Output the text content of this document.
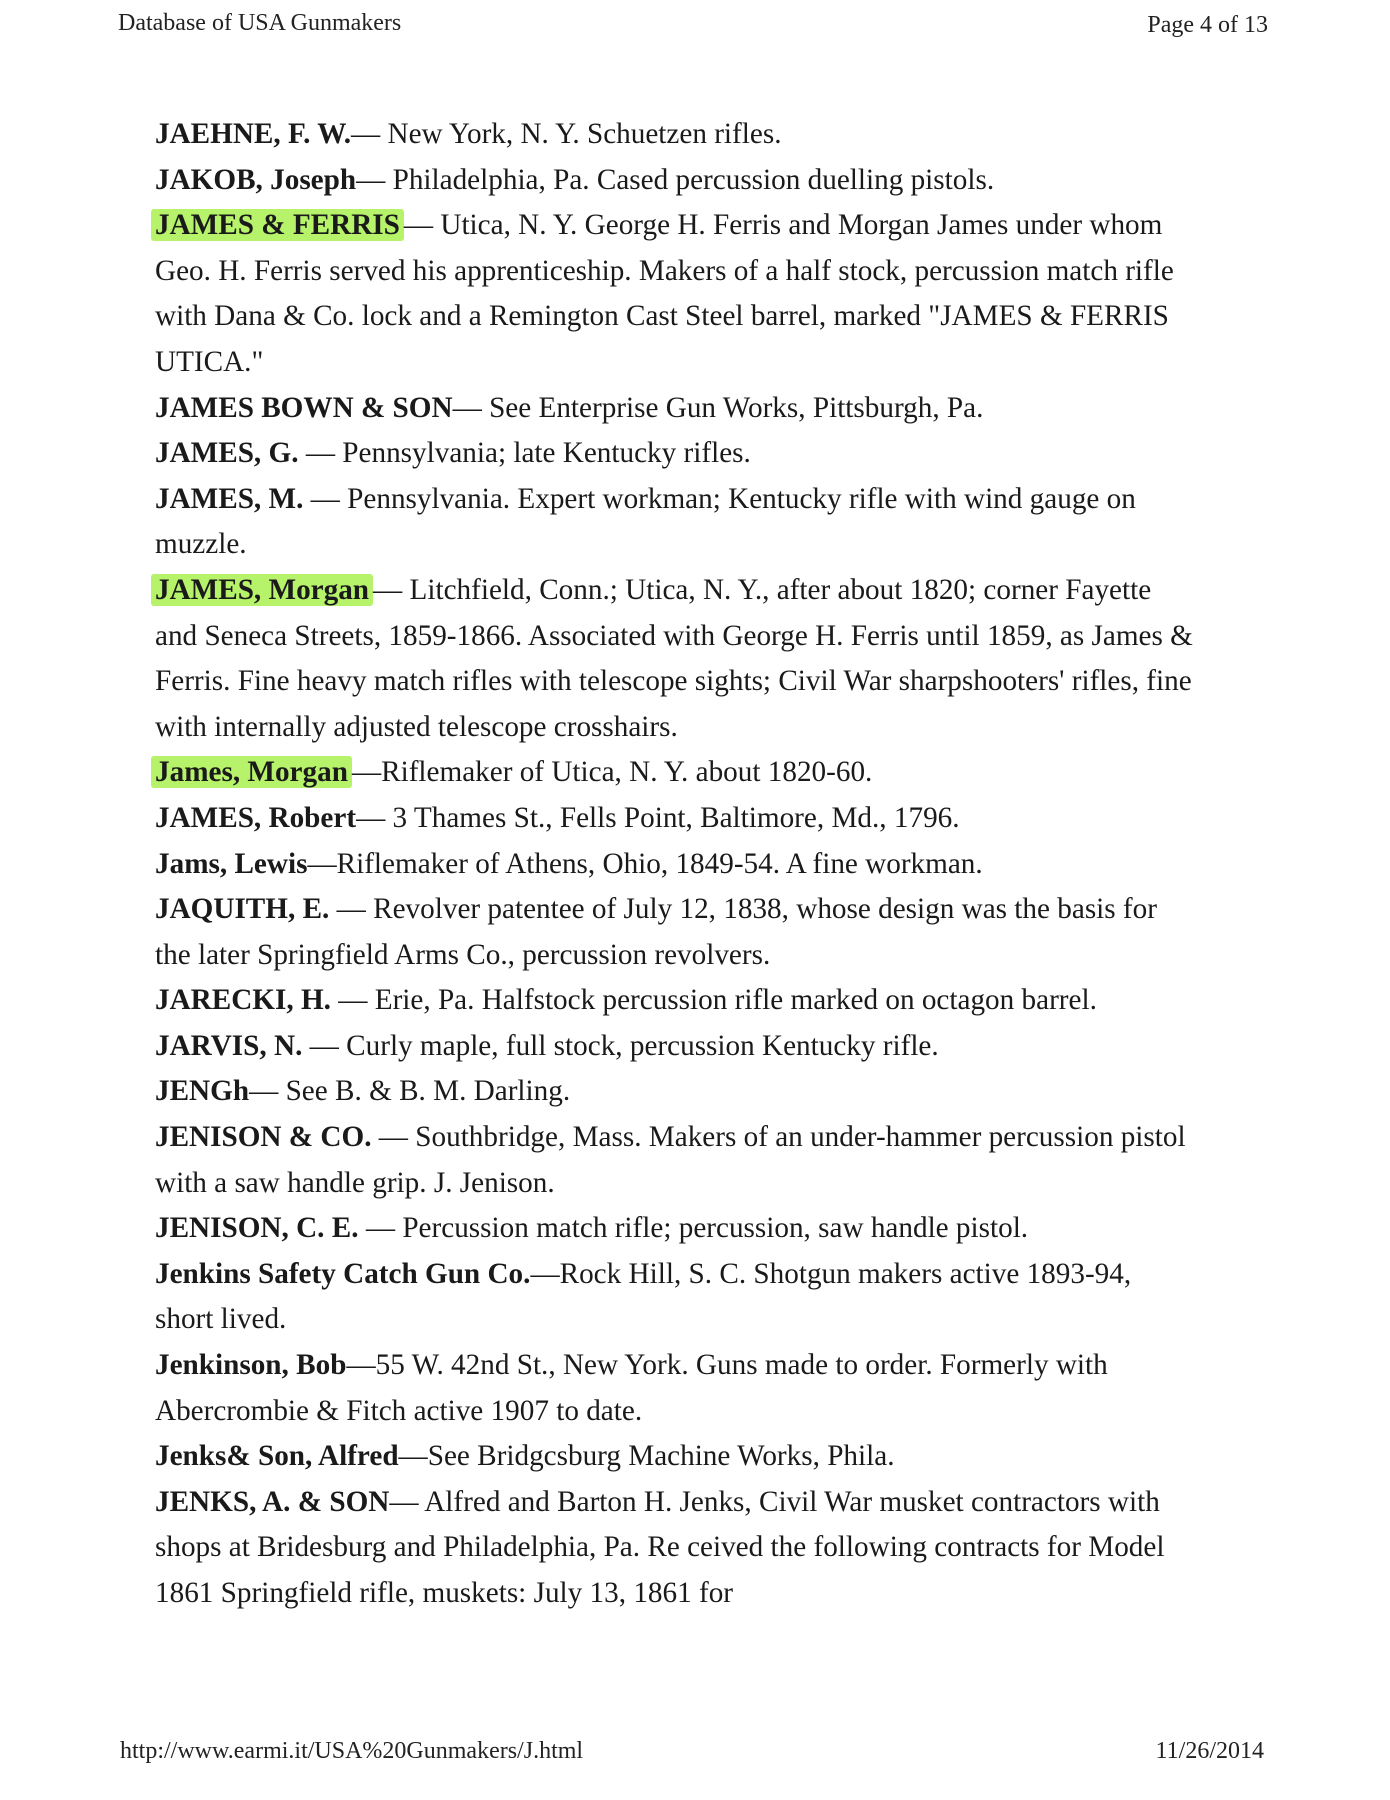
Database of USA Gunmakers	Page 4 of 13

JAEHNE, F. W.— New York, N. Y. Schuetzen rifles.

JAKOB, Joseph— Philadelphia, Pa. Cased percussion duelling pistols.

JAMES & FERRIS — Utica, N. Y. George H. Ferris and Morgan James under whom Geo. H. Ferris served his apprenticeship. Makers of a half stock, percussion match rifle with Dana & Co. lock and a Remington Cast Steel barrel, marked "JAMES & FERRIS UTICA."

JAMES BOWN & SON— See Enterprise Gun Works, Pittsburgh, Pa.

JAMES, G. — Pennsylvania; late Kentucky rifles.

JAMES, M. — Pennsylvania. Expert workman; Kentucky rifle with wind gauge on muzzle.

JAMES, Morgan — Litchfield, Conn.; Utica, N. Y., after about 1820; corner Fayette and Seneca Streets, 1859-1866. Associated with George H. Ferris until 1859, as James & Ferris. Fine heavy match rifles with telescope sights; Civil War sharpshooters' rifles, fine with internally adjusted telescope crosshairs.

James, Morgan —Riflemaker of Utica, N. Y. about 1820-60.

JAMES, Robert— 3 Thames St., Fells Point, Baltimore, Md., 1796.

Jams, Lewis—Riflemaker of Athens, Ohio, 1849-54. A fine workman.

JAQUITH, E. — Revolver patentee of July 12, 1838, whose design was the basis for the later Springfield Arms Co., percussion revolvers.

JARECKI, H. — Erie, Pa. Halfstock percussion rifle marked on octagon barrel.

JARVIS, N. — Curly maple, full stock, percussion Kentucky rifle.

JENGh— See B. & B. M. Darling.

JENISON & CO. — Southbridge, Mass. Makers of an under-hammer percussion pistol with a saw handle grip. J. Jenison.

JENISON, C. E. — Percussion match rifle; percussion, saw handle pistol.

Jenkins Safety Catch Gun Co.—Rock Hill, S. C. Shotgun makers active 1893-94, short lived.

Jenkinson, Bob—55 W. 42nd St., New York. Guns made to order. Formerly with Abercrombie & Fitch active 1907 to date.

Jenks& Son, Alfred—See Bridgcsburg Machine Works, Phila.

JENKS, A. & SON— Alfred and Barton H. Jenks, Civil War musket contractors with shops at Bridesburg and Philadelphia, Pa. Re ceived the following contracts for Model 1861 Springfield rifle, muskets: July 13, 1861 for

http://www.earmi.it/USA%20Gunmakers/J.html	11/26/2014
